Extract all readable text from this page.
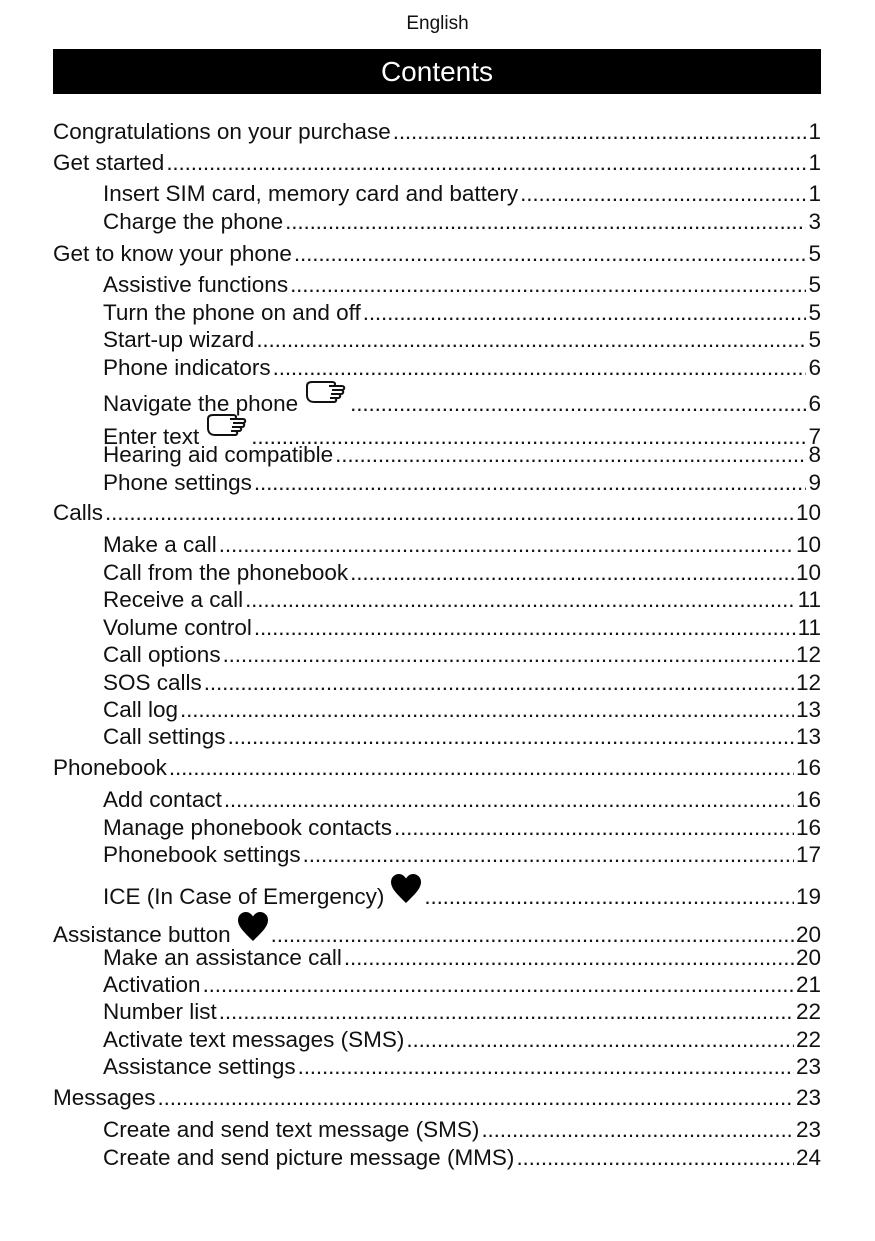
English
Contents
Congratulations on your purchase . . .	1
Get started . . .	1
Insert SIM card, memory card and battery . . .	1
Charge the phone . . .	3
Get to know your phone . . .	5
Assistive functions . . .	5
Turn the phone on and off . . .	5
Start-up wizard . . .	5
Phone indicators . . .	6
Navigate the phone . . .	6
Enter text . . .	7
Hearing aid compatible . . .	8
Phone settings . . .	9
Calls . . .	10
Make a call . . .	10
Call from the phonebook . . .	10
Receive a call . . .	11
Volume control . . .	11
Call options . . .	12
SOS calls . . .	12
Call log . . .	13
Call settings . . .	13
Phonebook . . .	16
Add contact . . .	16
Manage phonebook contacts . . .	16
Phonebook settings . . .	17
ICE (In Case of Emergency) . . .	19
Assistance button . . .	20
Make an assistance call . . .	20
Activation . . .	21
Number list . . .	22
Activate text messages (SMS) . . .	22
Assistance settings . . .	23
Messages . . .	23
Create and send text message (SMS) . . .	23
Create and send picture message (MMS) . . .	24
